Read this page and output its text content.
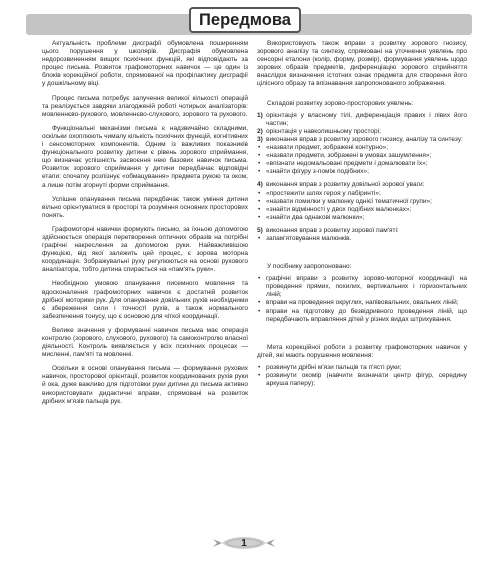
Передмова

Актуальність проблеми дисграфії обумовлена поширенням цього порушення у школярів. Дисграфія обумовлена недорозвиненням вищих психічних функцій, які відповідають за процес письма. Розвиток графомоторних навичок — це один із блоків корекційної роботи, спрямованої на профілактику дисграфії у дошкільному віці.

Процес письма потребує залучення великої кількості операцій та реалізується завдяки злагодженій роботі чотирьох аналізаторів: мовленнєво-рухового, мовленнєво-слухового, зорового та рухового.

Функціональні механізми письма є надзвичайно складними, оскільки охоплюють чималу кількість психічних функцій, когнітивних і сенсомоторних компонентів. Одним із важливих показників функціонального розвитку дитини є рівень зорового сприймання, що визначає успішність засвоєння нею базових навичок письма. Розвиток зорового сприймання у дитини передбачає відповідні етапи: спочатку розпізнує «обмацування» предмета рукою та оком, а лише потім згорнуті форми сприймання.

Успішне опанування письма передбачає також уміння дитини вільно орієнтуватися в просторі та розуміння основних просторових понять.

Графомоторні навички формують письмо, за їхньою допомогою здійснюється операція перетворення оптичних образів на потрібні графічні накреслення за допомогою руки. Найважливішою функцією, від якої залежить цей процес, є зорова моторна координація. Зображувальні руху регулюються на основі рухового аналізатора, тобто дитина спирається на «пам'ять руки».

Необхідною умовою опанування писемного мовлення та вдосконалення графомоторних навичок є достатній розвиток дрібної моторики рук. Для опанування довільних рухів необхідними є збереження сили і точності рухів, а також нормального забезпечення тонусу, що є основою для чіткої координації.

Велике значення у формуванні навичок письма має операція контролю (зорового, слухового, рухового) та самоконтролю власної діяльності. Контроль виявляється у всіх психічних процесах — мисленні, пам'яті та мовленні.

Оскільки в основі опанування письма — формування рухових навичок, просторової орієнтації, розвиток координованих рухів руки й ока, дуже важливо для підготовки руки дитини до письма активно використовувати дидактичні вправи, спрямовані на розвиток дрібних м'язів пальців рук.

Використовують також вправи з розвитку зорового гнозису, зорового аналізу та синтезу, спрямовані на уточнення уявлень про сенсорні еталони (колір, форму, розмір), формування уявлень щодо зорових образів предметів, диференціацію зорового сприйняття внаслідок визначення істотних ознак предмета для створення його цілісного образу та впізнавання запропонованого зображення.

Складові розвитку зорово-просторових уявлень:

1) орієнтація у власному тілі, диференціація правих і лівих його частин;
2) орієнтація у навколишньому просторі;
3) виконання вправ з розвитку зорового гнозису, аналізу та синтезу:
• «назвати предмет, зображені контурно»;
• «назвати предмети, зображені в умовах зашумлення»;
• «впізнати недомальовані предмети і домалювати їх»;
• «знайти фігуру з-поміж подібних»;
4) виконання вправ з розвитку довільної зорової уваги:
• «простежити шлях героя у лабіринті»;
• «назвати помилки у малюнку однієї тематичної групи»;
• «знайти відмінності у двох подібних малюнках»;
• «знайти два однакові малюнки»;
5) виконання вправ з розвитку зорової пам'яті:
• запам'ятовування малюнків.

У посібнику запропоновано:

• графічні вправи з розвитку зорово-моторної координації на проведення прямих, похилих, вертикальних і горизонтальних ліній;
• вправи на проведення округлих, напівовальних, овальних ліній;
• вправи на підготовку до безвідривного проведення ліній, що передбачають вправляння дітей у різних видах штрихування.

Мета корекційної роботи з розвитку графомоторних навичок у дітей, які мають порушення мовлення:

• розвинути дрібні м'язи пальців та п'ясті руки;
• розвинути окомір (навчити визначати центр фігур, середину аркуша паперу);
1
